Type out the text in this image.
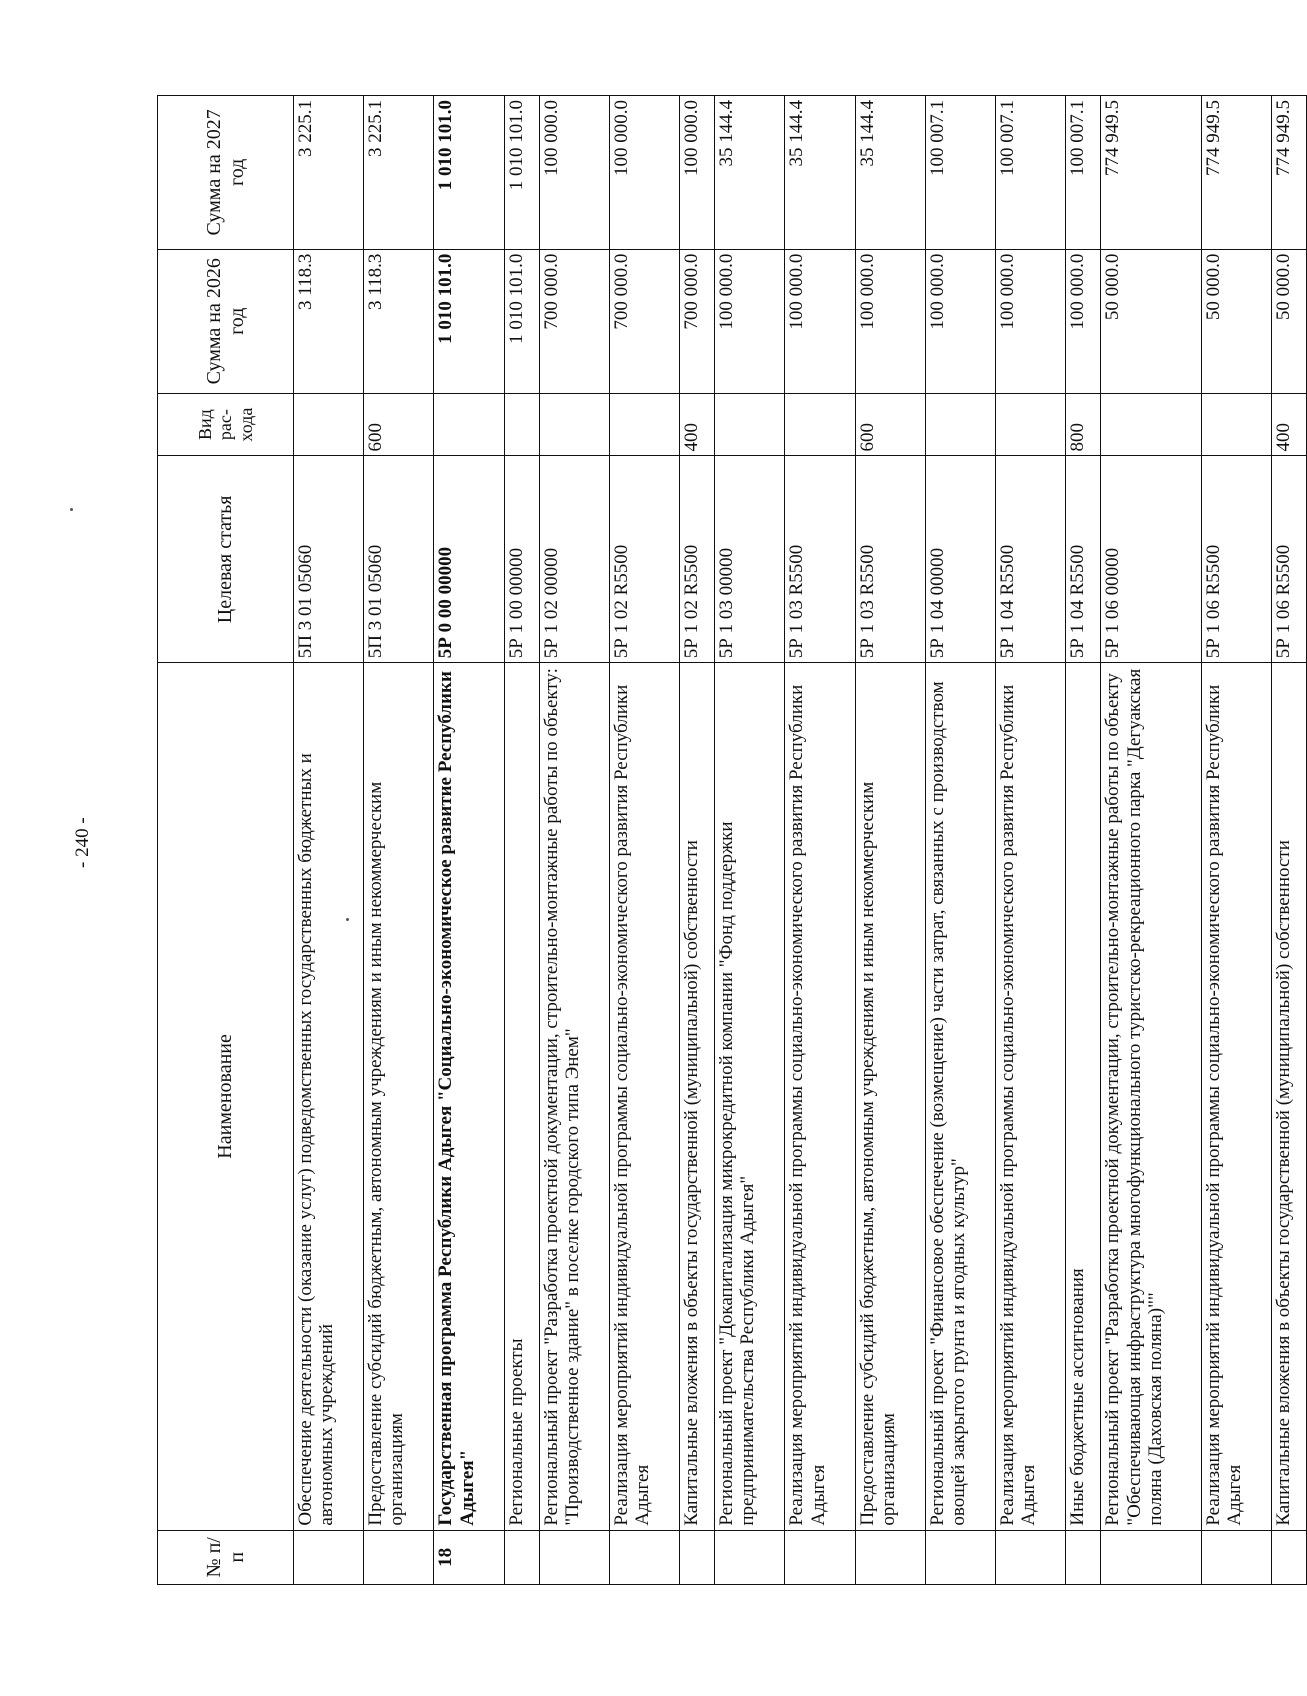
- 240 -
№ п/п	Наименование	Целевая статья	Вид рас-хода	Сумма на 2026 год	Сумма на 2027 год
	Обеспечение деятельности (оказание услуг) подведомственных государственных бюджетных и автономных учреждений	5П 3 01 05060		3 118.3	3 225.1
	Предоставление субсидий бюджетным, автономным учреждениям и иным некоммерческим организациям	5П 3 01 05060	600	3 118.3	3 225.1
18	Государственная программа Республики Адыгея "Социально-экономическое развитие Республики Адыгея"	5Р 0 00 00000		1 010 101.0	1 010 101.0
	Региональные проекты	5Р 1 00 00000		1 010 101.0	1 010 101.0
	Региональный проект "Разработка проектной документации, строительно-монтажные работы по объекту: "Производственное здание" в поселке городского типа Энем"	5Р 1 02 00000		700 000.0	100 000.0
	Реализация мероприятий индивидуальной программы социально-экономического развития Республики Адыгея	5Р 1 02 R5500		700 000.0	100 000.0
	Капитальные вложения в объекты государственной (муниципальной) собственности	5Р 1 02 R5500	400	700 000.0	100 000.0
	Региональный проект "Докапитализация микрокредитной компании "Фонд поддержки предпринимательства Республики Адыгея"	5Р 1 03 00000		100 000.0	35 144.4
	Реализация мероприятий индивидуальной программы социально-экономического развития Республики Адыгея	5Р 1 03 R5500		100 000.0	35 144.4
	Предоставление субсидий бюджетным, автономным учреждениям и иным некоммерческим организациям	5Р 1 03 R5500	600	100 000.0	35 144.4
	Региональный проект "Финансовое обеспечение (возмещение) части затрат, связанных с производством овощей закрытого грунта и ягодных культур"	5Р 1 04 00000		100 000.0	100 007.1
	Реализация мероприятий индивидуальной программы социально-экономического развития Республики Адыгея	5Р 1 04 R5500		100 000.0	100 007.1
	Иные бюджетные ассигнования	5Р 1 04 R5500	800	100 000.0	100 007.1
	Региональный проект "Разработка проектной документации, строительно-монтажные работы по объекту "Обеспечивающая инфраструктура многофункционального туристско-рекреационного парка "Дегуакская поляна (Даховская поляна)""	5Р 1 06 00000		50 000.0	774 949.5
	Реализация мероприятий индивидуальной программы социально-экономического развития Республики Адыгея	5Р 1 06 R5500		50 000.0	774 949.5
	Капитальные вложения в объекты государственной (муниципальной) собственности	5Р 1 06 R5500	400	50 000.0	774 949.5
